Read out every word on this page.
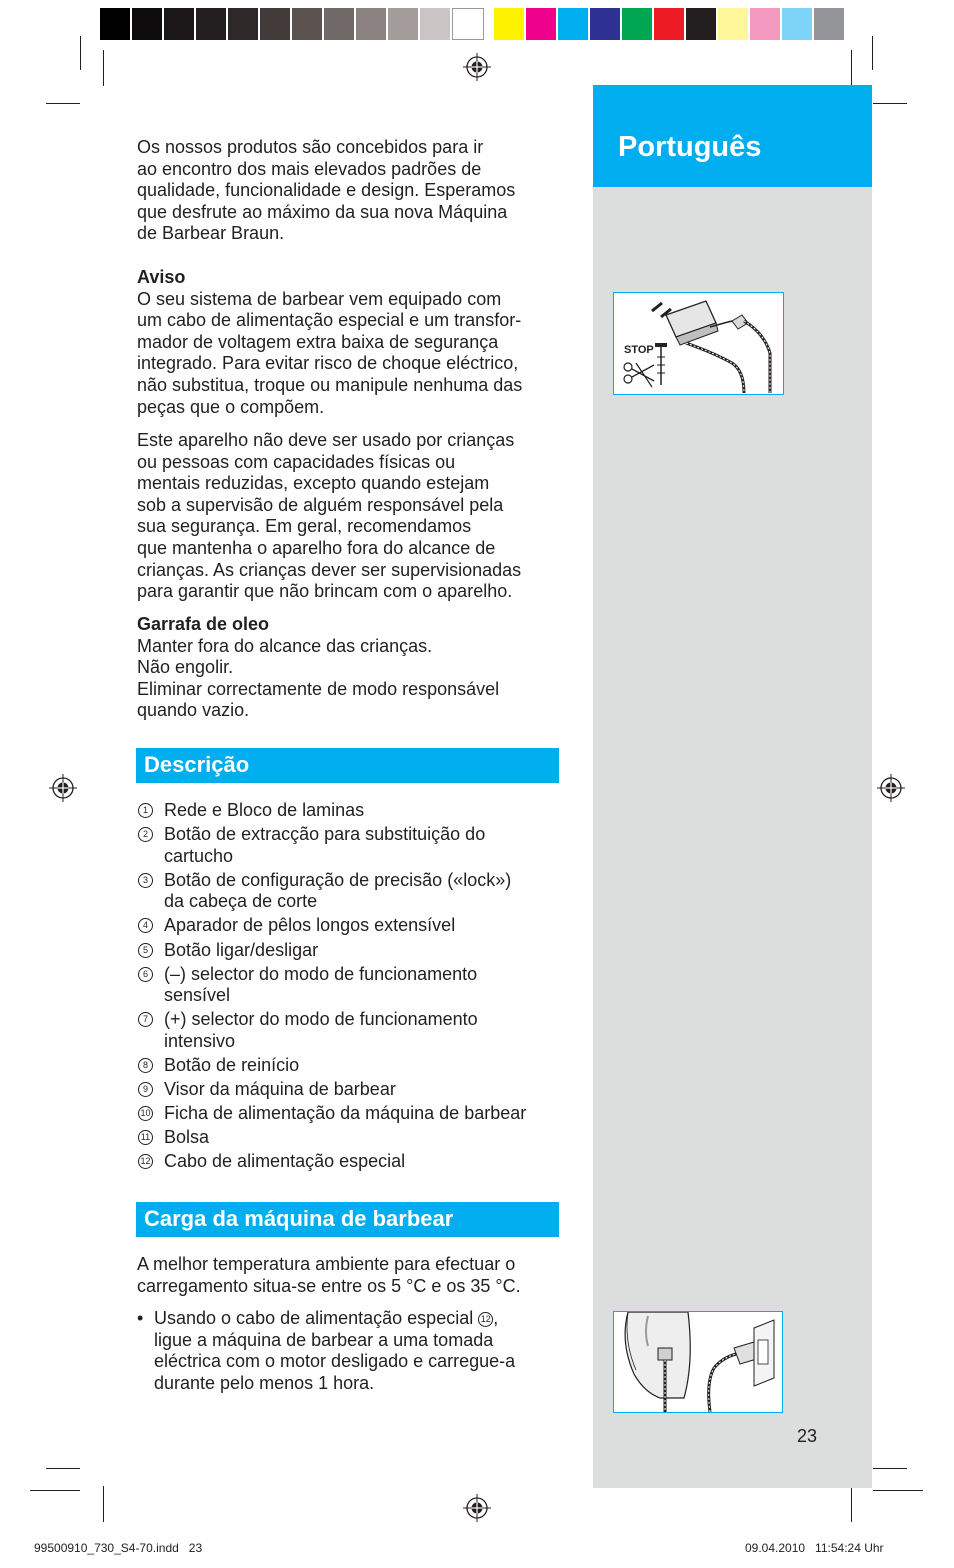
Português
STOP
23

Os nossos produtos são concebidos para ir
ao encontro dos mais elevados padrões de
qualidade, funcionalidade e design. Esperamos
que desfrute ao máximo da sua nova Máquina
de Barbear Braun.

Aviso
O seu sistema de barbear vem equipado com
um cabo de alimentação especial e um transfor-
mador de voltagem extra baixa de segurança
integrado. Para evitar risco de choque eléctrico,
não substitua, troque ou manipule nenhuma das
peças que o compõem.

Este aparelho não deve ser usado por crianças
ou pessoas com capacidades físicas ou
mentais reduzidas, excepto quando estejam
sob a supervisão de alguém responsável pela
sua segurança. Em geral, recomendamos
que mantenha o aparelho fora do alcance de
crianças. As crianças dever ser supervisionadas
para garantir que não brincam com o aparelho.

Garrafa de oleo
Manter fora do alcance das crianças.
Não engolir.
Eliminar correctamente de modo responsável
quando vazio.

Descrição
1 Rede e Bloco de laminas
2 Botão de extracção para substituição do
cartucho
3 Botão de configuração de precisão («lock»)
da cabeça de corte
4 Aparador de pêlos longos extensível
5 Botão ligar/desligar
6 (–) selector do modo de funcionamento
sensível
7 (+) selector do modo de funcionamento
intensivo
8 Botão de reinício
9 Visor da máquina de barbear
10 Ficha de alimentação da máquina de barbear
11 Bolsa
12 Cabo de alimentação especial
Carga da máquina de barbear

A melhor temperatura ambiente para efectuar o
carregamento situa-se entre os 5 °C e os 35 °C.

• Usando o cabo de alimentação especial 12 ,
ligue a máquina de barbear a uma tomada
eléctrica com o motor desligado e carregue-a
durante pelo menos 1 hora.
99500910_730_S4-70.indd   23	09.04.2010   11:54:24 Uhr
